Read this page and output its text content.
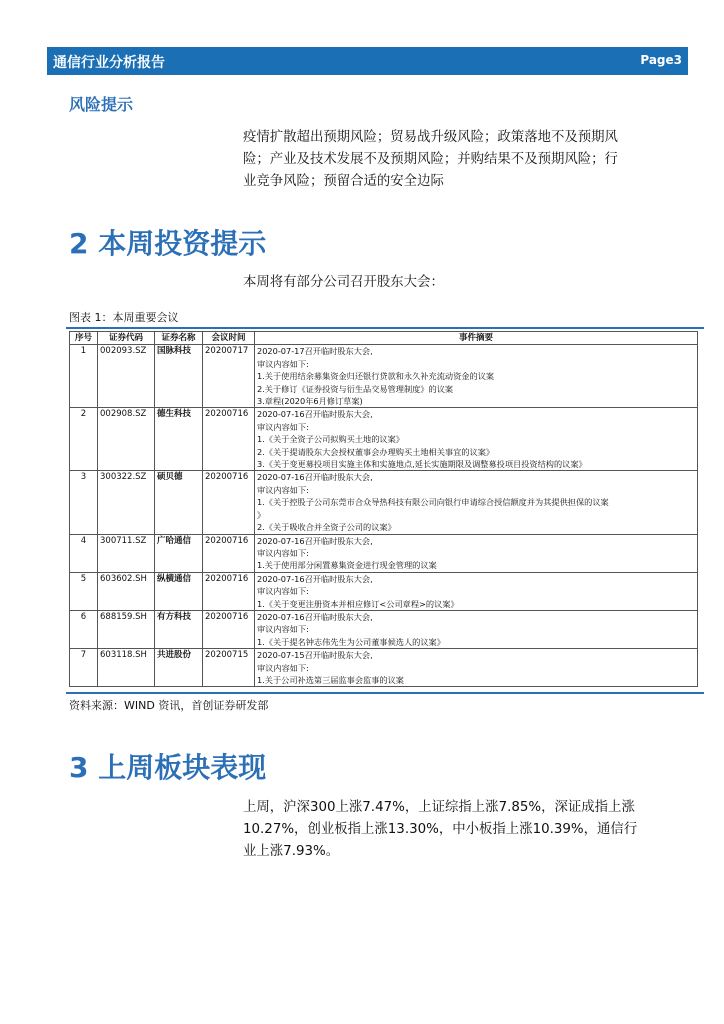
通信行业分析报告	Page3
风险提示
疫情扩散超出预期风险；贸易战升级风险；政策落地不及预期风
险；产业及技术发展不及预期风险；并购结果不及预期风险；行
业竞争风险；预留合适的安全边际
2 本周投资提示
本周将有部分公司召开股东大会：
图表 1：本周重要会议
序号	证券代码	证券名称	会议时间	事件摘要
1	002093.SZ	国脉科技	20200717	2020-07-17召开临时股东大会,
审议内容如下:
1.关于使用结余募集资金归还银行贷款和永久补充流动资金的议案
2.关于修订《证券投资与衍生品交易管理制度》的议案
3.章程(2020年6月修订草案)

2	002908.SZ	德生科技	20200716	2020-07-16召开临时股东大会,
审议内容如下:
1.《关于全资子公司拟购买土地的议案》
2.《关于提请股东大会授权董事会办理购买土地相关事宜的议案》
3.《关于变更募投项目实施主体和实施地点,延长实施期限及调整募投项目投资结构的议案》

3	300322.SZ	硕贝德	20200716	2020-07-16召开临时股东大会,
审议内容如下:
1.《关于控股子公司东莞市合众导热科技有限公司向银行申请综合授信额度并为其提供担保的议案
》
2.《关于吸收合并全资子公司的议案》

4	300711.SZ	广哈通信	20200716	2020-07-16召开临时股东大会,
审议内容如下:
1.关于使用部分闲置募集资金进行现金管理的议案

5	603602.SH	纵横通信	20200716	2020-07-16召开临时股东大会,
审议内容如下:
1.《关于变更注册资本并相应修订<公司章程>的议案》

6	688159.SH	有方科技	20200716	2020-07-16召开临时股东大会,
审议内容如下:
1.《关于提名钟志伟先生为公司董事候选人的议案》

7	603118.SH	共进股份	20200715	2020-07-15召开临时股东大会,
审议内容如下:
1.关于公司补选第三届监事会监事的议案
资料来源：WIND 资讯，首创证券研发部
3 上周板块表现
上周，沪深300上涨7.47%，上证综指上涨7.85%，深证成指上涨
10.27%，创业板指上涨13.30%，中小板指上涨10.39%，通信行
业上涨7.93%。
